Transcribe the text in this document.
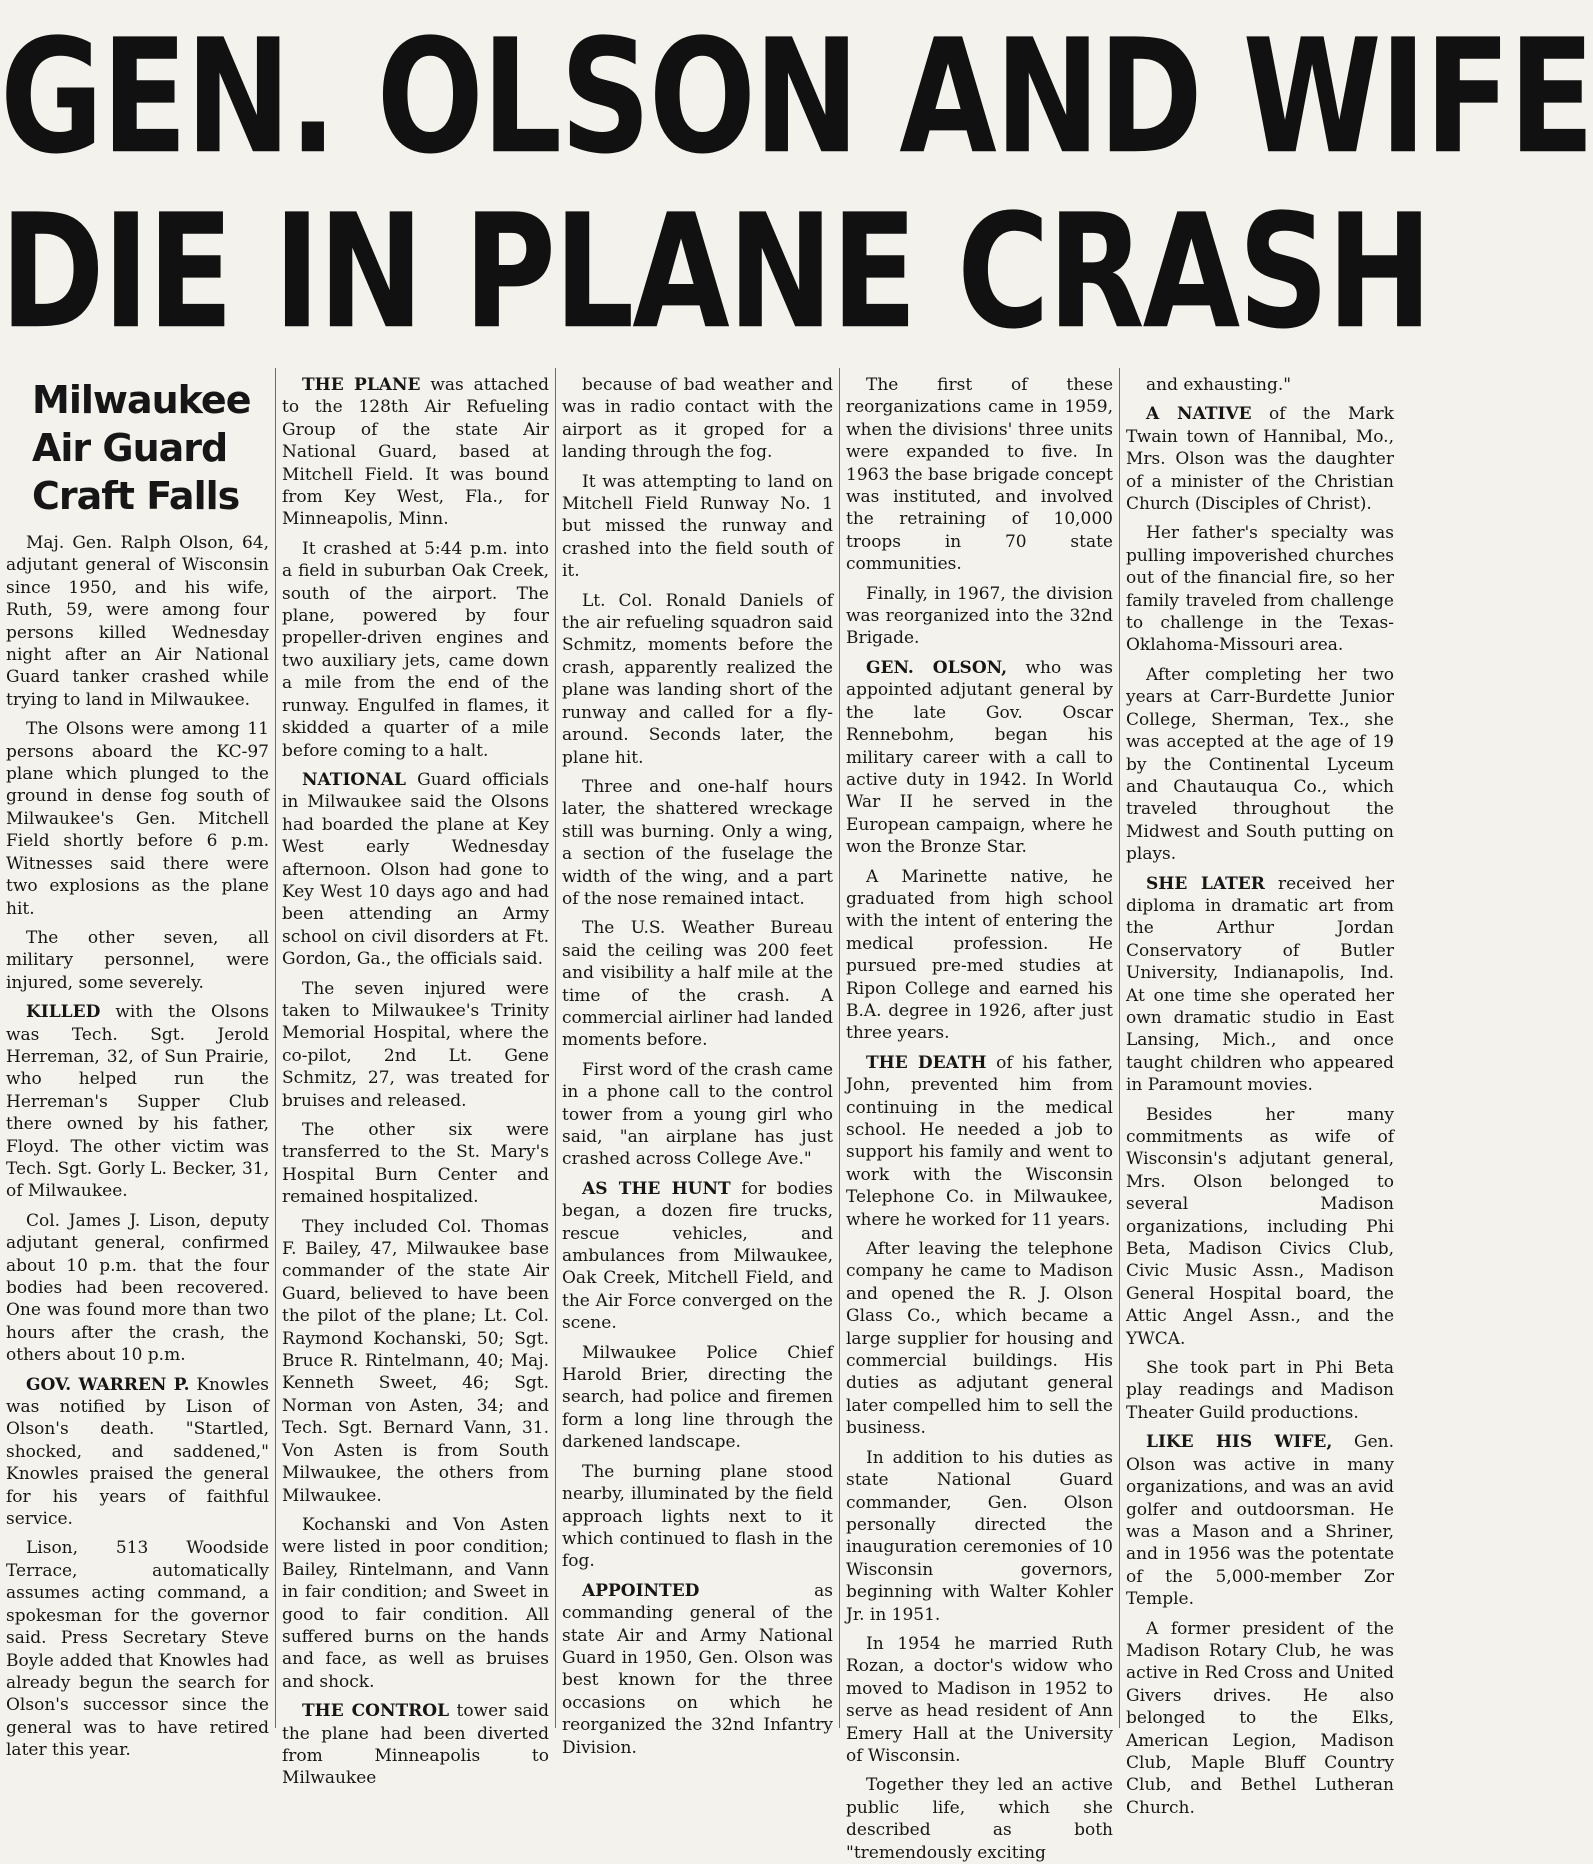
GEN. OLSON AND WIFE
DIE IN PLANE CRASH
Milwaukee
Air Guard
Craft Falls

Maj. Gen. Ralph Olson, 64, adjutant general of Wisconsin since 1950, and his wife, Ruth, 59, were among four persons killed Wednesday night after an Air National Guard tanker crashed while trying to land in Milwaukee.

The Olsons were among 11 persons aboard the KC-97 plane which plunged to the ground in dense fog south of Milwaukee's Gen. Mitchell Field shortly before 6 p.m. Witnesses said there were two explosions as the plane hit.

The other seven, all military personnel, were injured, some severely.

KILLED with the Olsons was Tech. Sgt. Jerold Herreman, 32, of Sun Prairie, who helped run the Herreman's Supper Club there owned by his father, Floyd. The other victim was Tech. Sgt. Gorly L. Becker, 31, of Milwaukee.

Col. James J. Lison, deputy adjutant general, confirmed about 10 p.m. that the four bodies had been recovered. One was found more than two hours after the crash, the others about 10 p.m.

GOV. WARREN P. Knowles was notified by Lison of Olson's death. "Startled, shocked, and saddened," Knowles praised the general for his years of faithful service.

Lison, 513 Woodside Terrace, automatically assumes acting command, a spokesman for the governor said. Press Secretary Steve Boyle added that Knowles had already begun the search for Olson's successor since the general was to have retired later this year.

THE PLANE was attached to the 128th Air Refueling Group of the state Air National Guard, based at Mitchell Field. It was bound from Key West, Fla., for Minneapolis, Minn.

It crashed at 5:44 p.m. into a field in suburban Oak Creek, south of the airport. The plane, powered by four propeller-driven engines and two auxiliary jets, came down a mile from the end of the runway. Engulfed in flames, it skidded a quarter of a mile before coming to a halt.

NATIONAL Guard officials in Milwaukee said the Olsons had boarded the plane at Key West early Wednesday afternoon. Olson had gone to Key West 10 days ago and had been attending an Army school on civil disorders at Ft. Gordon, Ga., the officials said.

The seven injured were taken to Milwaukee's Trinity Memorial Hospital, where the co-pilot, 2nd Lt. Gene Schmitz, 27, was treated for bruises and released.

The other six were transferred to the St. Mary's Hospital Burn Center and remained hospitalized.

They included Col. Thomas F. Bailey, 47, Milwaukee base commander of the state Air Guard, believed to have been the pilot of the plane; Lt. Col. Raymond Kochanski, 50; Sgt. Bruce R. Rintelmann, 40; Maj. Kenneth Sweet, 46; Sgt. Norman von Asten, 34; and Tech. Sgt. Bernard Vann, 31. Von Asten is from South Milwaukee, the others from Milwaukee.

Kochanski and Von Asten were listed in poor condition; Bailey, Rintelmann, and Vann in fair condition; and Sweet in good to fair condition. All suffered burns on the hands and face, as well as bruises and shock.

THE CONTROL tower said the plane had been diverted from Minneapolis to Milwaukee

because of bad weather and was in radio contact with the airport as it groped for a landing through the fog.

It was attempting to land on Mitchell Field Runway No. 1 but missed the runway and crashed into the field south of it.

Lt. Col. Ronald Daniels of the air refueling squadron said Schmitz, moments before the crash, apparently realized the plane was landing short of the runway and called for a fly-around. Seconds later, the plane hit.

Three and one-half hours later, the shattered wreckage still was burning. Only a wing, a section of the fuselage the width of the wing, and a part of the nose remained intact.

The U.S. Weather Bureau said the ceiling was 200 feet and visibility a half mile at the time of the crash. A commercial airliner had landed moments before.

First word of the crash came in a phone call to the control tower from a young girl who said, "an airplane has just crashed across College Ave."

AS THE HUNT for bodies began, a dozen fire trucks, rescue vehicles, and ambulances from Milwaukee, Oak Creek, Mitchell Field, and the Air Force converged on the scene.

Milwaukee Police Chief Harold Brier, directing the search, had police and firemen form a long line through the darkened landscape.

The burning plane stood nearby, illuminated by the field approach lights next to it which continued to flash in the fog.

APPOINTED as commanding general of the state Air and Army National Guard in 1950, Gen. Olson was best known for the three occasions on which he reorganized the 32nd Infantry Division.

The first of these reorganizations came in 1959, when the divisions' three units were expanded to five. In 1963 the base brigade concept was instituted, and involved the retraining of 10,000 troops in 70 state communities.

Finally, in 1967, the division was reorganized into the 32nd Brigade.

GEN. OLSON, who was appointed adjutant general by the late Gov. Oscar Rennebohm, began his military career with a call to active duty in 1942. In World War II he served in the European campaign, where he won the Bronze Star.

A Marinette native, he graduated from high school with the intent of entering the medical profession. He pursued pre-med studies at Ripon College and earned his B.A. degree in 1926, after just three years.

THE DEATH of his father, John, prevented him from continuing in the medical school. He needed a job to support his family and went to work with the Wisconsin Telephone Co. in Milwaukee, where he worked for 11 years.

After leaving the telephone company he came to Madison and opened the R. J. Olson Glass Co., which became a large supplier for housing and commercial buildings. His duties as adjutant general later compelled him to sell the business.

In addition to his duties as state National Guard commander, Gen. Olson personally directed the inauguration ceremonies of 10 Wisconsin governors, beginning with Walter Kohler Jr. in 1951.

In 1954 he married Ruth Rozan, a doctor's widow who moved to Madison in 1952 to serve as head resident of Ann Emery Hall at the University of Wisconsin.

Together they led an active public life, which she described as both "tremendously exciting

and exhausting."

A NATIVE of the Mark Twain town of Hannibal, Mo., Mrs. Olson was the daughter of a minister of the Christian Church (Disciples of Christ).

Her father's specialty was pulling impoverished churches out of the financial fire, so her family traveled from challenge to challenge in the Texas-Oklahoma-Missouri area.

After completing her two years at Carr-Burdette Junior College, Sherman, Tex., she was accepted at the age of 19 by the Continental Lyceum and Chautauqua Co., which traveled throughout the Midwest and South putting on plays.

SHE LATER received her diploma in dramatic art from the Arthur Jordan Conservatory of Butler University, Indianapolis, Ind. At one time she operated her own dramatic studio in East Lansing, Mich., and once taught children who appeared in Paramount movies.

Besides her many commitments as wife of Wisconsin's adjutant general, Mrs. Olson belonged to several Madison organizations, including Phi Beta, Madison Civics Club, Civic Music Assn., Madison General Hospital board, the Attic Angel Assn., and the YWCA.

She took part in Phi Beta play readings and Madison Theater Guild productions.

LIKE HIS WIFE, Gen. Olson was active in many organizations, and was an avid golfer and outdoorsman. He was a Mason and a Shriner, and in 1956 was the potentate of the 5,000-member Zor Temple.

A former president of the Madison Rotary Club, he was active in Red Cross and United Givers drives. He also belonged to the Elks, American Legion, Madison Club, Maple Bluff Country Club, and Bethel Lutheran Church.
